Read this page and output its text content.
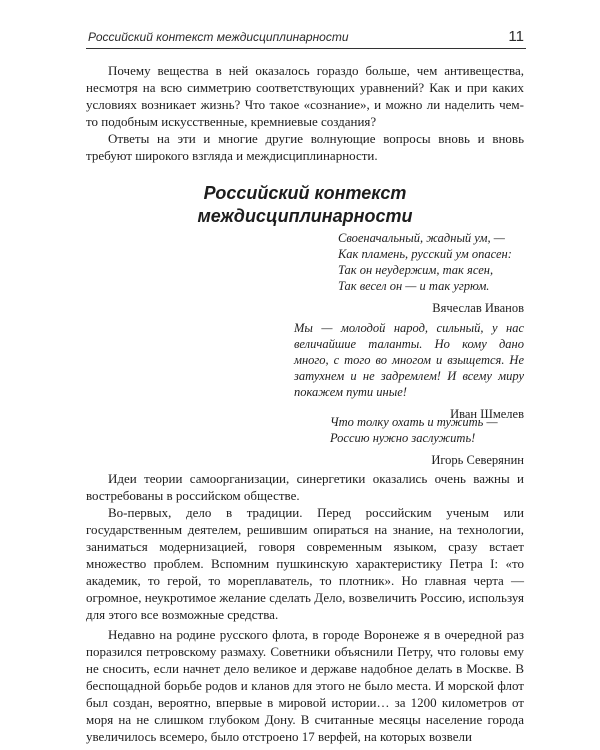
Российский контекст междисциплинарности	11

Почему вещества в ней оказалось гораздо больше, чем антивещества, несмотря на всю симметрию соответствующих уравнений? Как и при каких условиях возникает жизнь? Что такое «сознание», и можно ли наделить чем-то подобным искусственные, кремниевые создания?

Ответы на эти и многие другие волнующие вопросы вновь и вновь требуют широкого взгляда и междисциплинарности.

Российский контекст
междисциплинарности
Своеначальный, жадный ум, —
Как пламень, русский ум опасен:
Так он неудержим, так ясен,
Так весел он — и так угрюм.
Вячеслав Иванов
Мы — молодой народ, сильный, у нас величайшие таланты. Но кому дано много, с того во многом и взыщется. Не затухнем и не задремлем! И всему миру покажем пути иные!
Иван Шмелев
Что толку охать и тужить —
Россию нужно заслужить!
Игорь Северянин

Идеи теории самоорганизации, синергетики оказались очень важны и востребованы в российском обществе.

Во-первых, дело в традиции. Перед российским ученым или государственным деятелем, решившим опираться на знание, на технологии, заниматься модернизацией, говоря современным языком, сразу встает множество проблем. Вспомним пушкинскую характеристику Петра I: «то академик, то герой, то мореплаватель, то плотник». Но главная черта — огромное, неукротимое желание сделать Дело, возвеличить Россию, используя для этого все возможные средства.

Недавно на родине русского флота, в городе Воронеже я в очередной раз поразился петровскому размаху. Советники объяснили Петру, что головы ему не сносить, если начнет дело великое и державе надобное делать в Москве. В беспощадной борьбе родов и кланов для этого не было места. И морской флот был создан, вероятно, впервые в мировой истории… за 1200 километров от моря на не слишком глубоком Дону. В считанные месяцы население города увеличилось всемеро, было отстроено 17 верфей, на которых возвели
